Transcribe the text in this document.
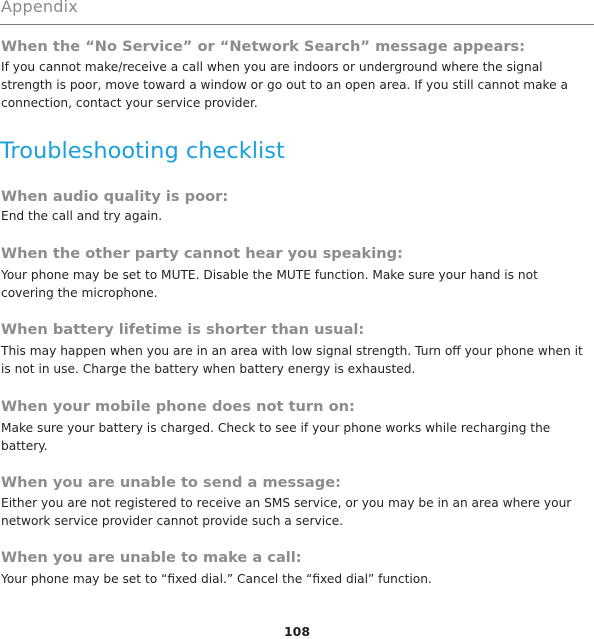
Appendix
When the “No Service” or “Network Search” message appears:
If you cannot make/receive a call when you are indoors or underground where the signal strength is poor, move toward a window or go out to an open area. If you still cannot make a connection, contact your service provider.
Troubleshooting checklist
When audio quality is poor:
End the call and try again.
When the other party cannot hear you speaking:
Your phone may be set to MUTE. Disable the MUTE function. Make sure your hand is not covering the microphone.
When battery lifetime is shorter than usual:
This may happen when you are in an area with low signal strength. Turn off your phone when it is not in use. Charge the battery when battery energy is exhausted.
When your mobile phone does not turn on:
Make sure your battery is charged. Check to see if your phone works while recharging the battery.
When you are unable to send a message:
Either you are not registered to receive an SMS service, or you may be in an area where your network service provider cannot provide such a service.
When you are unable to make a call:
Your phone may be set to “fixed dial.” Cancel the “fixed dial” function.
108
